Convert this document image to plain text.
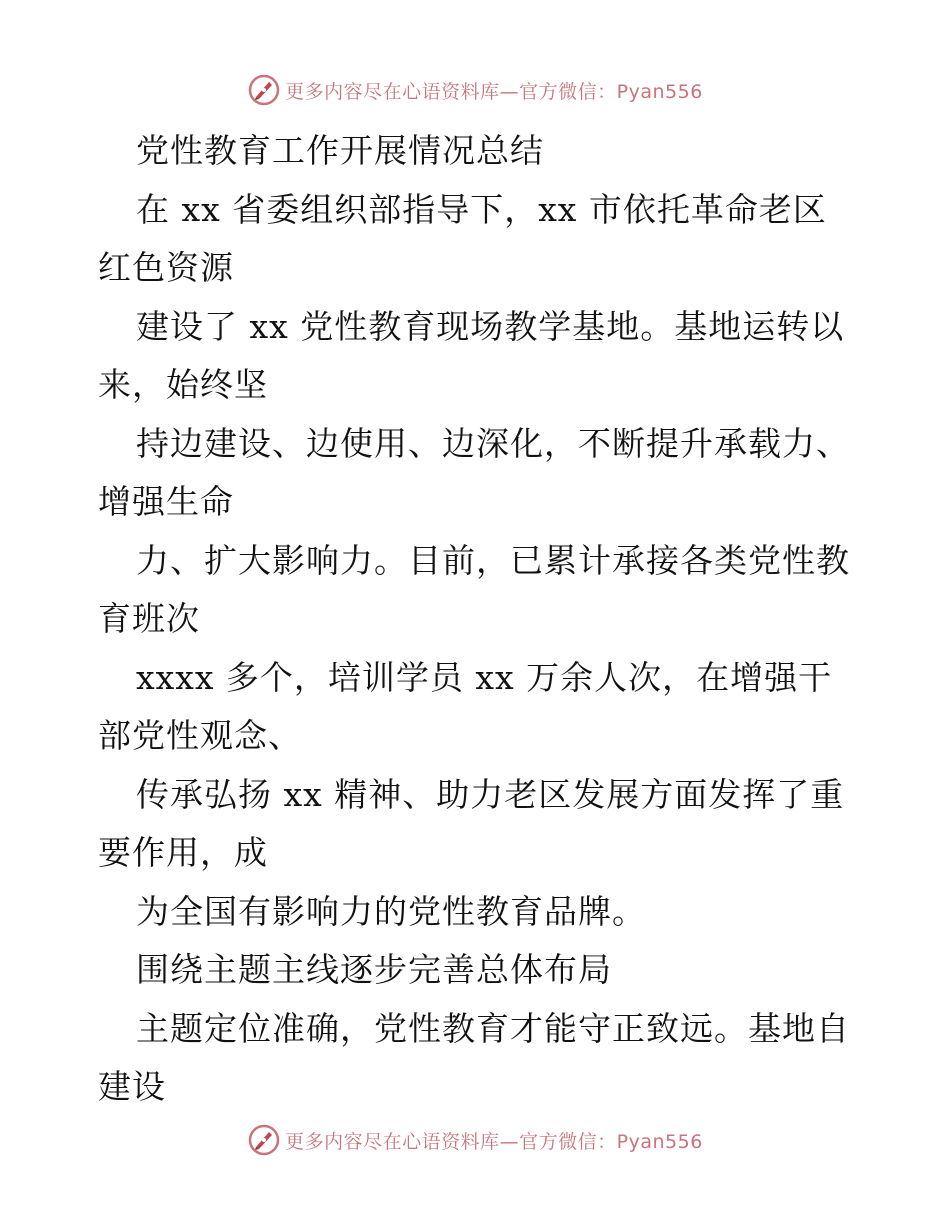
更多内容尽在心语资料库—官方微信：Pyan556
党性教育工作开展情况总结
在 xx 省委组织部指导下，xx 市依托革命老区
红色资源
建设了 xx 党性教育现场教学基地。基地运转以
来，始终坚
持边建设、边使用、边深化，不断提升承载力、
增强生命
力、扩大影响力。目前，已累计承接各类党性教
育班次
xxxx 多个，培训学员 xx 万余人次，在增强干
部党性观念、
传承弘扬 xx 精神、助力老区发展方面发挥了重
要作用，成
为全国有影响力的党性教育品牌。
围绕主题主线逐步完善总体布局
主题定位准确，党性教育才能守正致远。基地自
建设
更多内容尽在心语资料库—官方微信：Pyan556
